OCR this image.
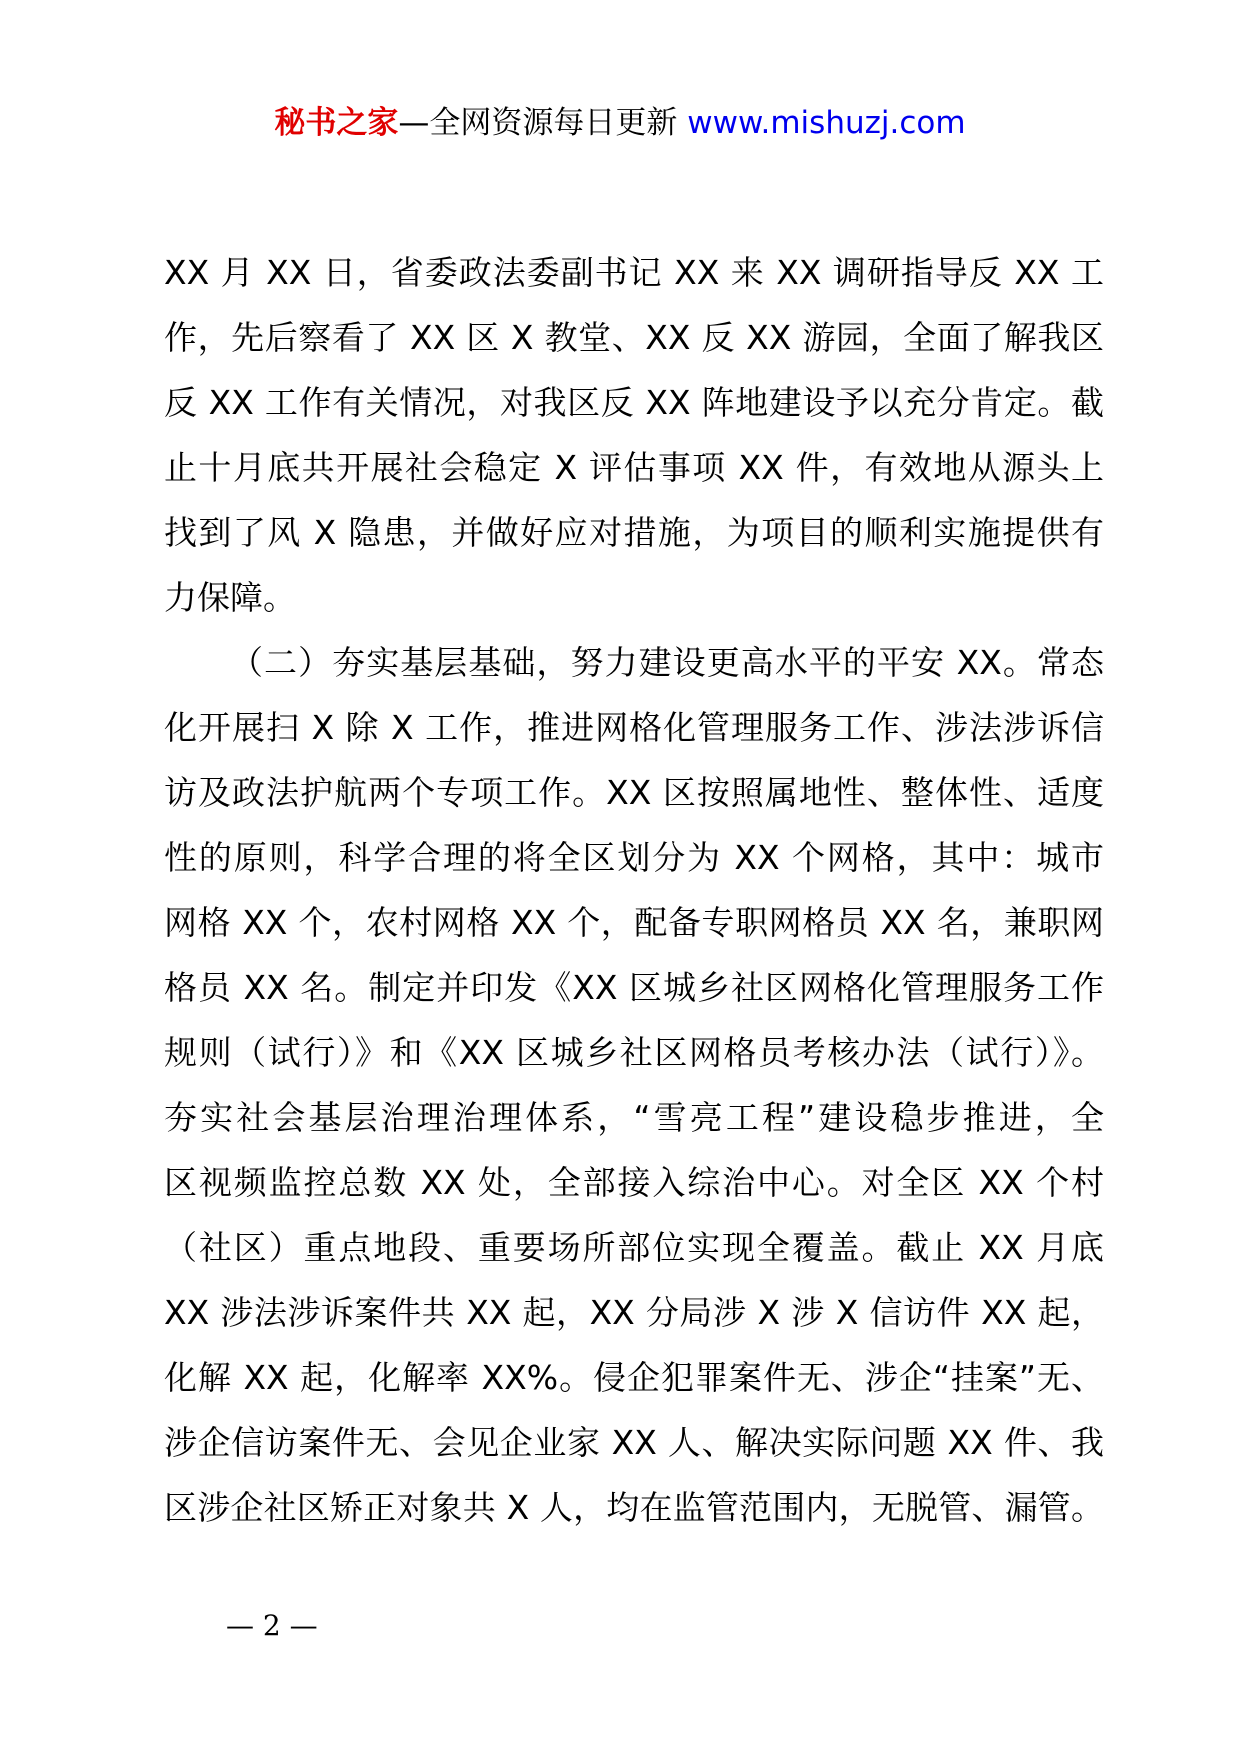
秘书之家—全网资源每日更新 www.mishuzj.com
XX 月 XX 日，省委政法委副书记 XX 来 XX 调研指导反 XX 工
作，先后察看了 XX 区 X 教堂、XX 反 XX 游园，全面了解我区
反 XX 工作有关情况，对我区反 XX 阵地建设予以充分肯定。截
止十月底共开展社会稳定 X 评估事项 XX 件，有效地从源头上
找到了风 X 隐患，并做好应对措施，为项目的顺利实施提供有
力保障。
（二）夯实基层基础，努力建设更高水平的平安 XX。常态
化开展扫 X 除 X 工作，推进网格化管理服务工作、涉法涉诉信
访及政法护航两个专项工作。XX 区按照属地性、整体性、适度
性的原则，科学合理的将全区划分为 XX 个网格，其中：城市
网格 XX 个，农村网格 XX 个，配备专职网格员 XX 名，兼职网
格员 XX 名。制定并印发《XX 区城乡社区网格化管理服务工作
规则（试行）》和《XX 区城乡社区网格员考核办法（试行）》。
夯实社会基层治理治理体系，“雪亮工程”建设稳步推进，全
区视频监控总数 XX 处，全部接入综治中心。对全区 XX 个村
（社区）重点地段、重要场所部位实现全覆盖。截止 XX 月底
XX 涉法涉诉案件共 XX 起，XX 分局涉 X 涉 X 信访件 XX 起，
化解 XX 起，化解率 XX%。侵企犯罪案件无、涉企“挂案”无、
涉企信访案件无、会见企业家 XX 人、解决实际问题 XX 件、我
区涉企社区矫正对象共 X 人，均在监管范围内，无脱管、漏管。
— 2 —
